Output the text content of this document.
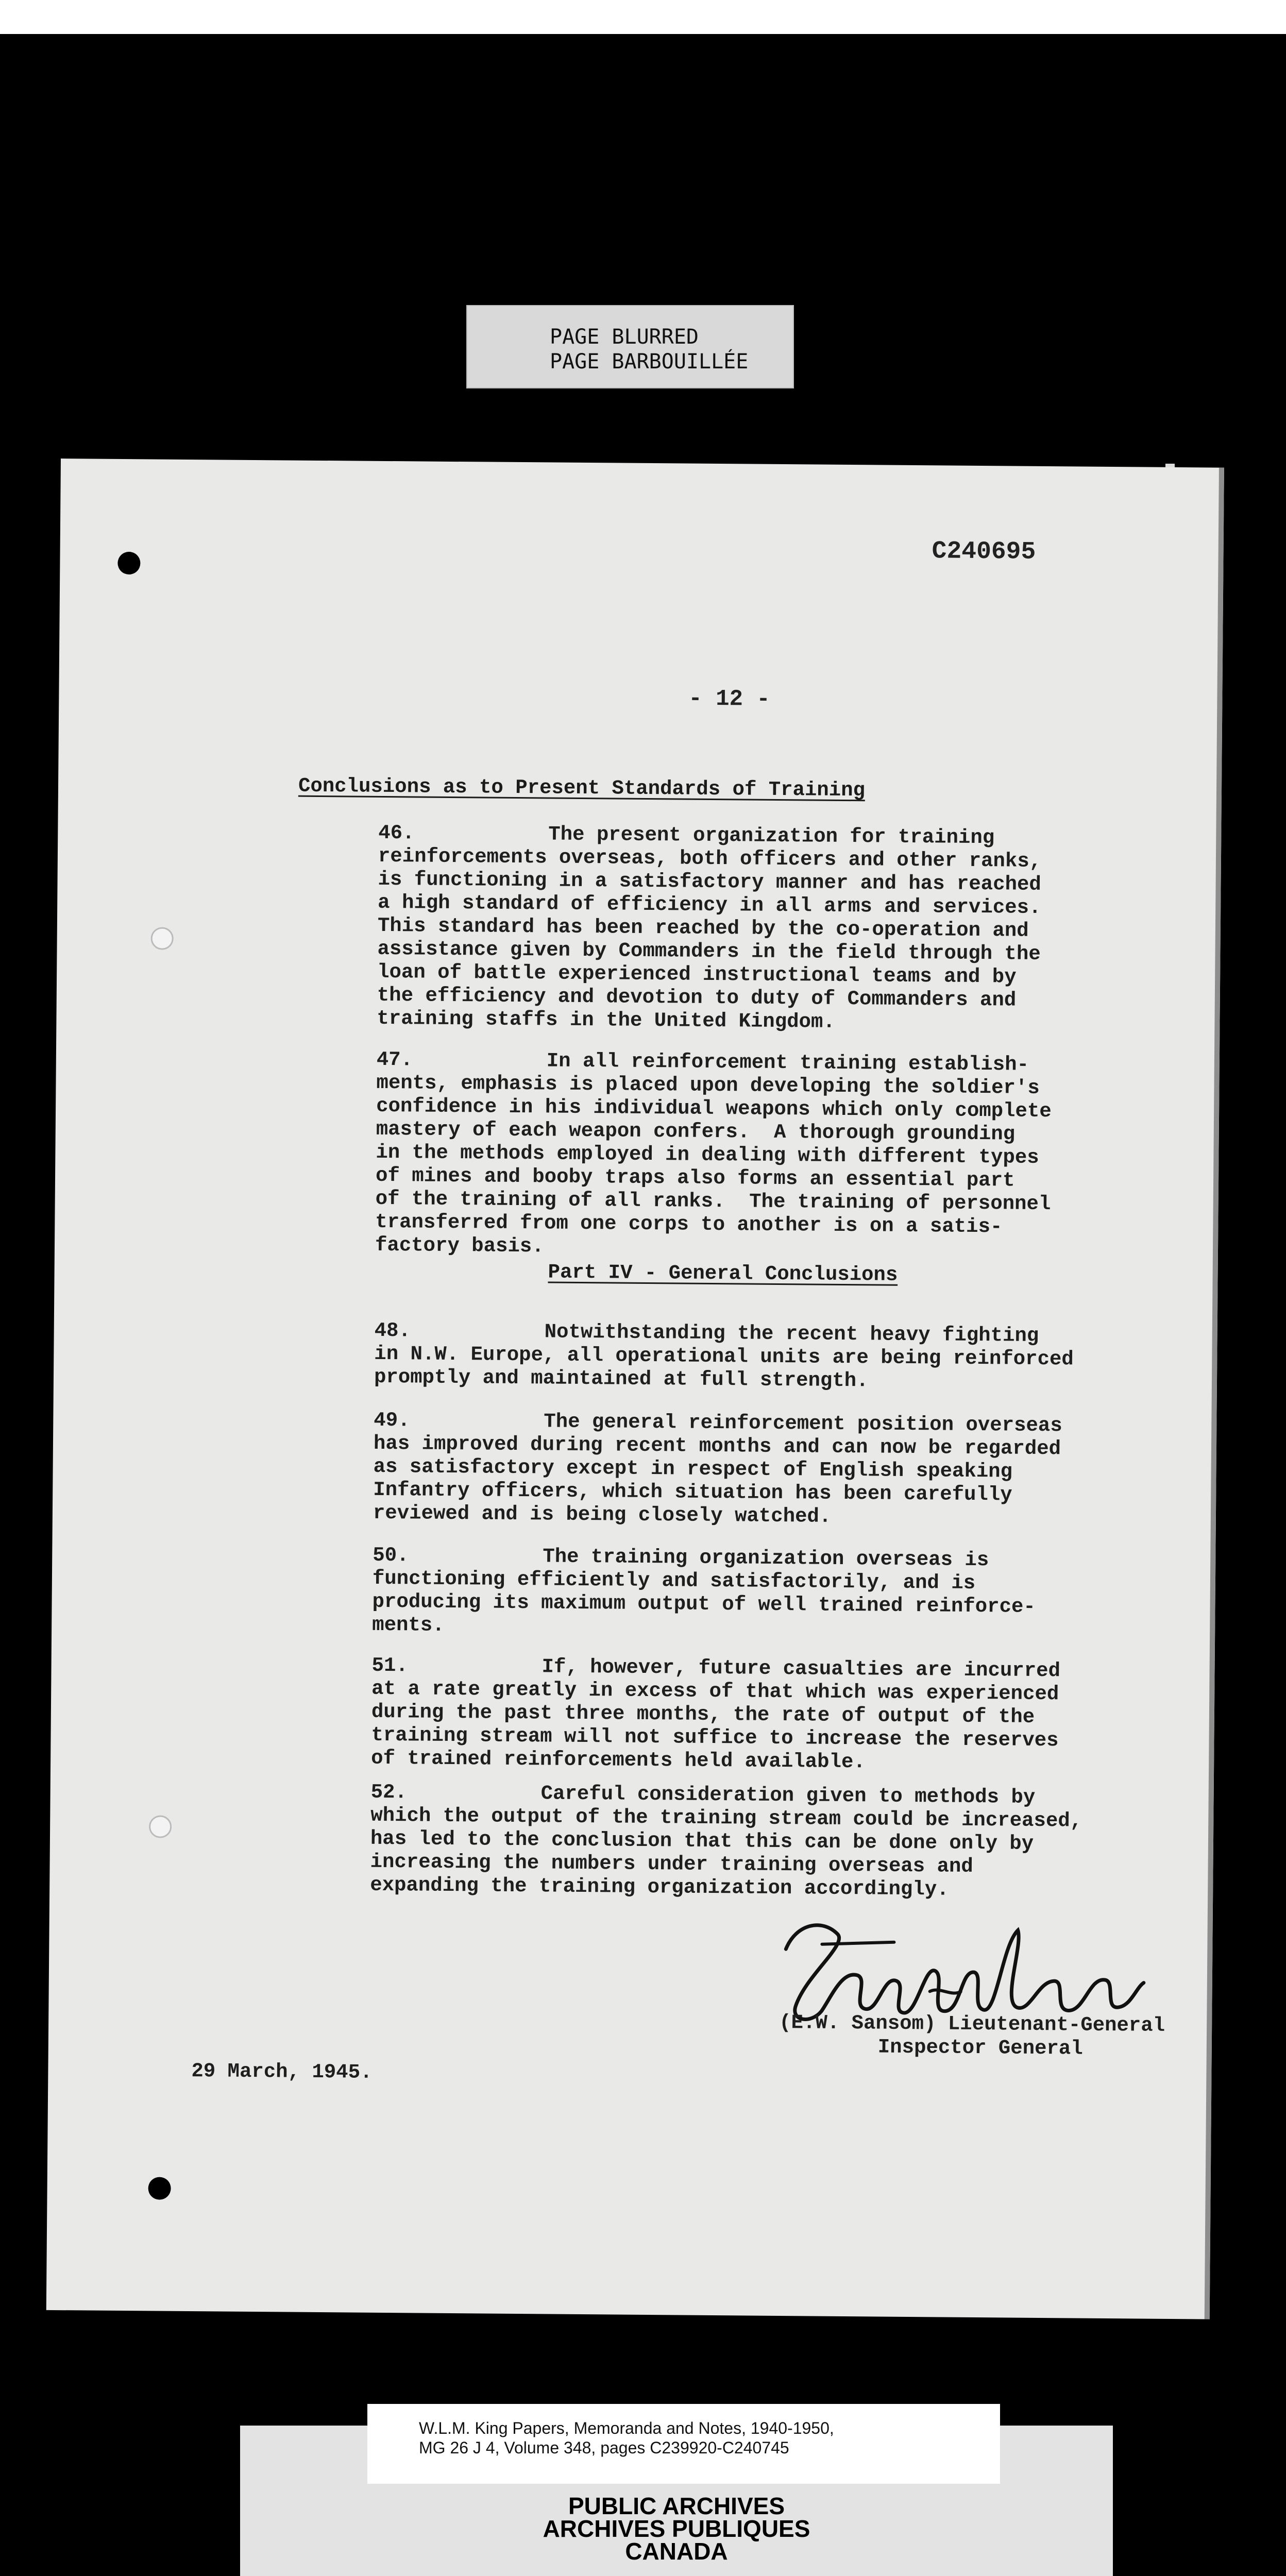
PAGE BLURRED
PAGE BARBOUILLÉE
C240695
- 12 -
Conclusions as to Present Standards of Training
46.	The present organization for training
reinforcements overseas, both officers and other ranks,
is functioning in a satisfactory manner and has reached
a high standard of efficiency in all arms and services.
This standard has been reached by the co-operation and
assistance given by Commanders in the field through the
loan of battle experienced instructional teams and by
the efficiency and devotion to duty of Commanders and
training staffs in the United Kingdom.
47.	In all reinforcement training establish-
ments, emphasis is placed upon developing the soldier's
confidence in his individual weapons which only complete
mastery of each weapon confers.  A thorough grounding
in the methods employed in dealing with different types
of mines and booby traps also forms an essential part
of the training of all ranks.  The training of personnel
transferred from one corps to another is on a satis-
factory basis.
Part IV - General Conclusions
48.	Notwithstanding the recent heavy fighting
in N.W. Europe, all operational units are being reinforced
promptly and maintained at full strength.
49.	The general reinforcement position overseas
has improved during recent months and can now be regarded
as satisfactory except in respect of English speaking
Infantry officers, which situation has been carefully
reviewed and is being closely watched.
50.	The training organization overseas is
functioning efficiently and satisfactorily, and is
producing its maximum output of well trained reinforce-
ments.
51.	If, however, future casualties are incurred
at a rate greatly in excess of that which was experienced
during the past three months, the rate of output of the
training stream will not suffice to increase the reserves
of trained reinforcements held available.
52.	Careful consideration given to methods by
which the output of the training stream could be increased,
has led to the conclusion that this can be done only by
increasing the numbers under training overseas and
expanding the training organization accordingly.
(E.W. Sansom) Lieutenant-General
Inspector General
29 March, 1945.
W.L.M. King Papers, Memoranda and Notes, 1940-1950,
MG 26 J 4, Volume 348, pages C239920-C240745
PUBLIC ARCHIVES
ARCHIVES PUBLIQUES
CANADA
